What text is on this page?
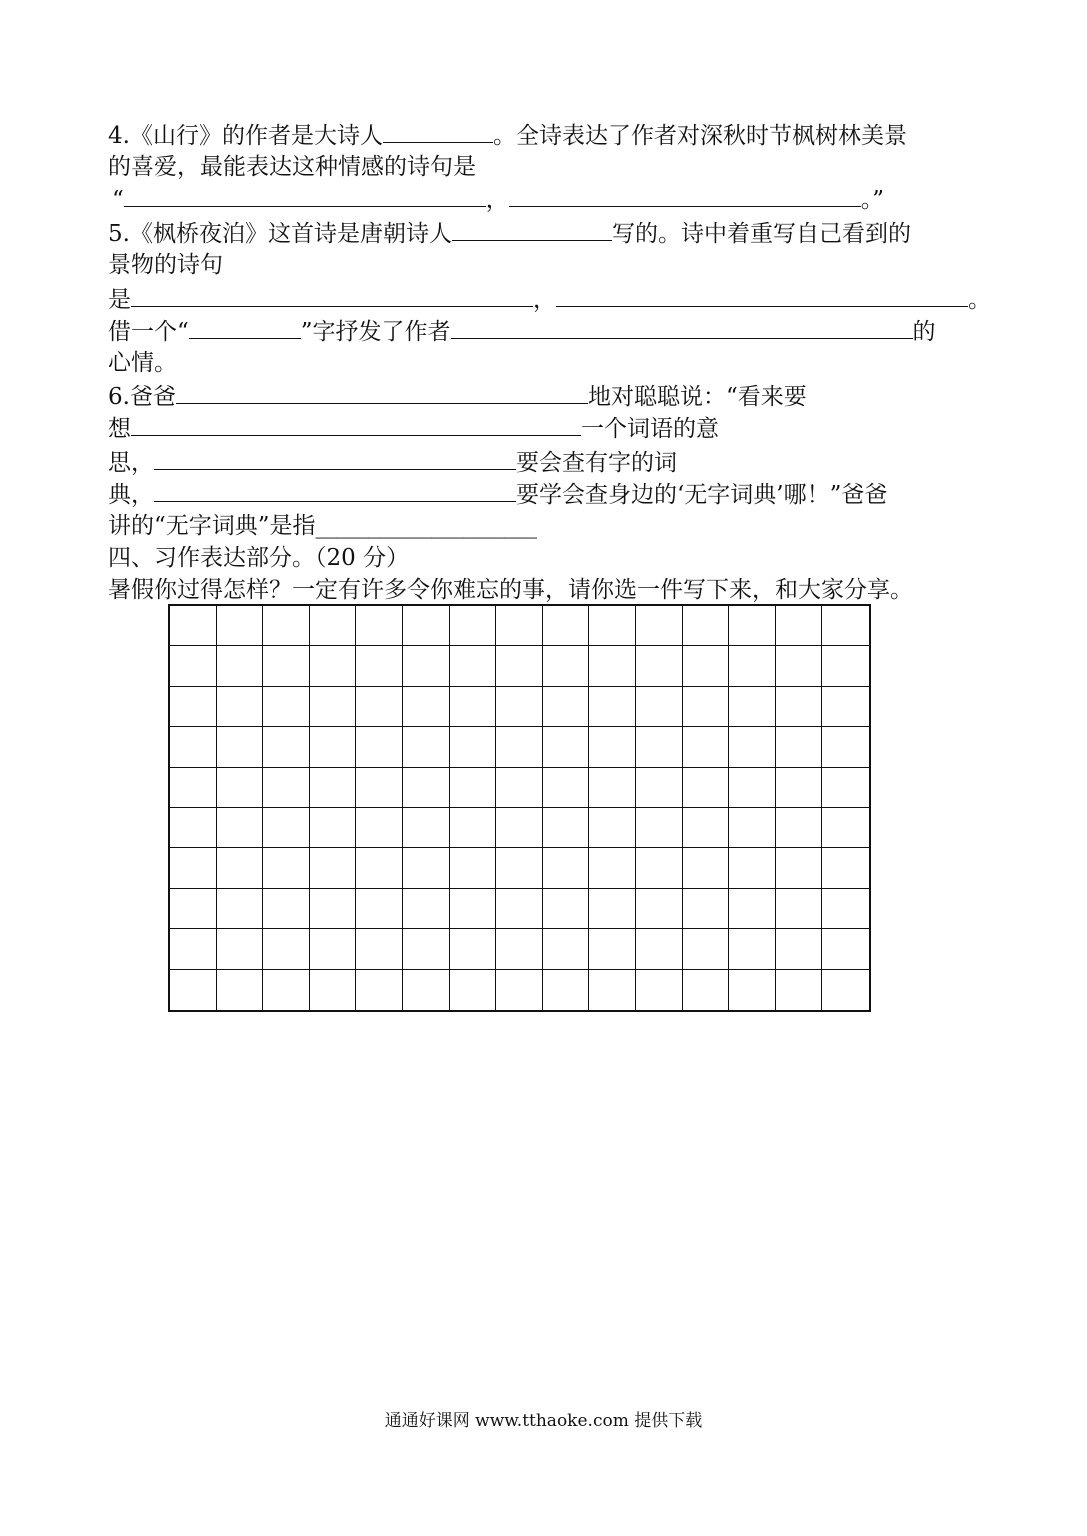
4.《山行》的作者是大诗人	。全诗表达了作者对深秋时节枫树林美景
的喜爱，最能表达这种情感的诗句是
“	，	。”
5.《枫桥夜泊》这首诗是唐朝诗人	写的。诗中着重写自己看到的
景物的诗句
是	，	。
借一个“	”字抒发了作者	的
心情。
6.爸爸	地对聪聪说：“看来要
想	一个词语的意
思，	要会查有字的词
典，	要学会查身边的‘无字词典’哪！”爸爸
讲的“无字词典”是指_____________________
四、习作表达部分。（20 分）
暑假你过得怎样？一定有许多令你难忘的事，请你选一件写下来，和大家分享。
通通好课网 www.tthaoke.com 提供下载
